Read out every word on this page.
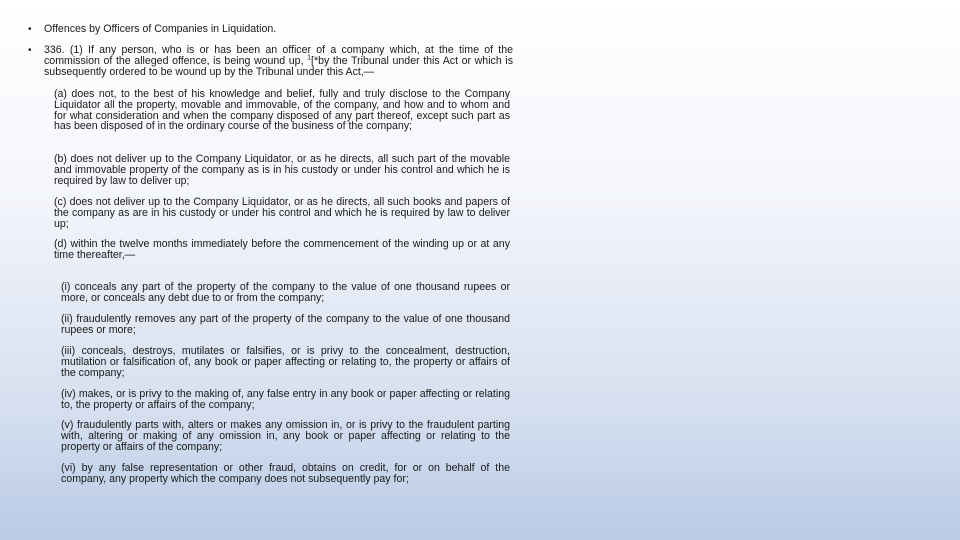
•	Offences by Officers of Companies in Liquidation.
•	336. (1) If any person, who is or has been an officer of a company which, at the time of the commission of the alleged offence, is being wound up, $^1$[*by the Tribunal under this Act or which is subsequently ordered to be wound up by the Tribunal under this Act,—
(a) does not, to the best of his knowledge and belief, fully and truly disclose to the Company Liquidator all the property, movable and immovable, of the company, and how and to whom and for what consideration and when the company disposed of any part thereof, except such part as has been disposed of in the ordinary course of the business of the company;
(b) does not deliver up to the Company Liquidator, or as he directs, all such part of the movable and immovable property of the company as is in his custody or under his control and which he is required by law to deliver up;
(c) does not deliver up to the Company Liquidator, or as he directs, all such books and papers of the company as are in his custody or under his control and which he is required by law to deliver up;
(d) within the twelve months immediately before the commencement of the winding up or at any time thereafter,—
(i) conceals any part of the property of the company to the value of one thousand rupees or more, or conceals any debt due to or from the company;
(ii) fraudulently removes any part of the property of the company to the value of one thousand rupees or more;
(iii) conceals, destroys, mutilates or falsifies, or is privy to the concealment, destruction, mutilation or falsification of, any book or paper affecting or relating to, the property or affairs of the company;
(iv) makes, or is privy to the making of, any false entry in any book or paper affecting or relating to, the property or affairs of the company;
(v) fraudulently parts with, alters or makes any omission in, or is privy to the fraudulent parting with, altering or making of any omission in, any book or paper affecting or relating to the property or affairs of the company;
(vi) by any false representation or other fraud, obtains on credit, for or on behalf of the company, any property which the company does not subsequently pay for;
